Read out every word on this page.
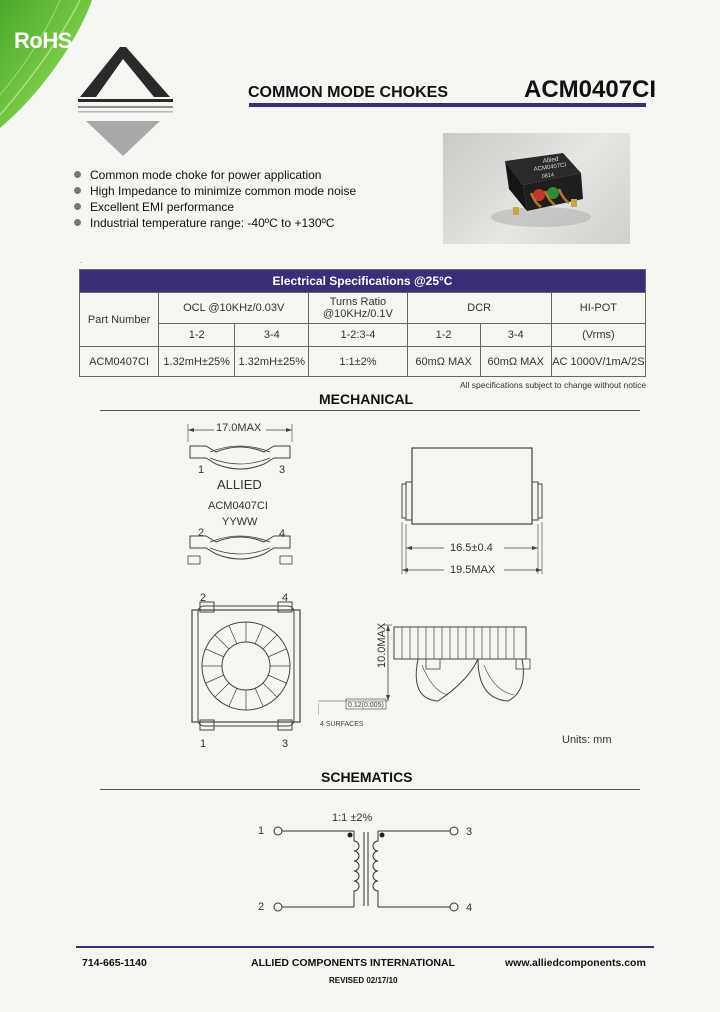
RoHS
COMMON MODE CHOKES	ACM0407CI
Common mode choke for power application
High Impedance to minimize common mode noise
Excellent EMI performance
Industrial temperature range: -40ºC to +130ºC
Allied
ACM0407CI
0814
.
Electrical Specifications @25°C						
Part Number	OCL @10KHz/0.03V		Turns Ratio @10KHz/0.1V	DCR		HI-POT
	1-2	3-4	1-2:3-4	1-2	3-4	(Vrms)
ACM0407CI	1.32mH±25%	1.32mH±25%	1:1±2%	60mΩ MAX	60mΩ MAX	AC 1000V/1mA/2S
All specifications subject to change without notice
MECHANICAL
17.0MAX
1	3
ALLIED
ACM0407CI
YYWW
2	4
16.5±0.4
19.5MAX
2	4
1	3
10.0MAX
0.12(0.005)
4 SURFACES
Units: mm
SCHEMATICS
1:1 ±2%
1
2
3
4
714-665-1140	ALLIED COMPONENTS INTERNATIONAL	www.alliedcomponents.com
REVISED 02/17/10
